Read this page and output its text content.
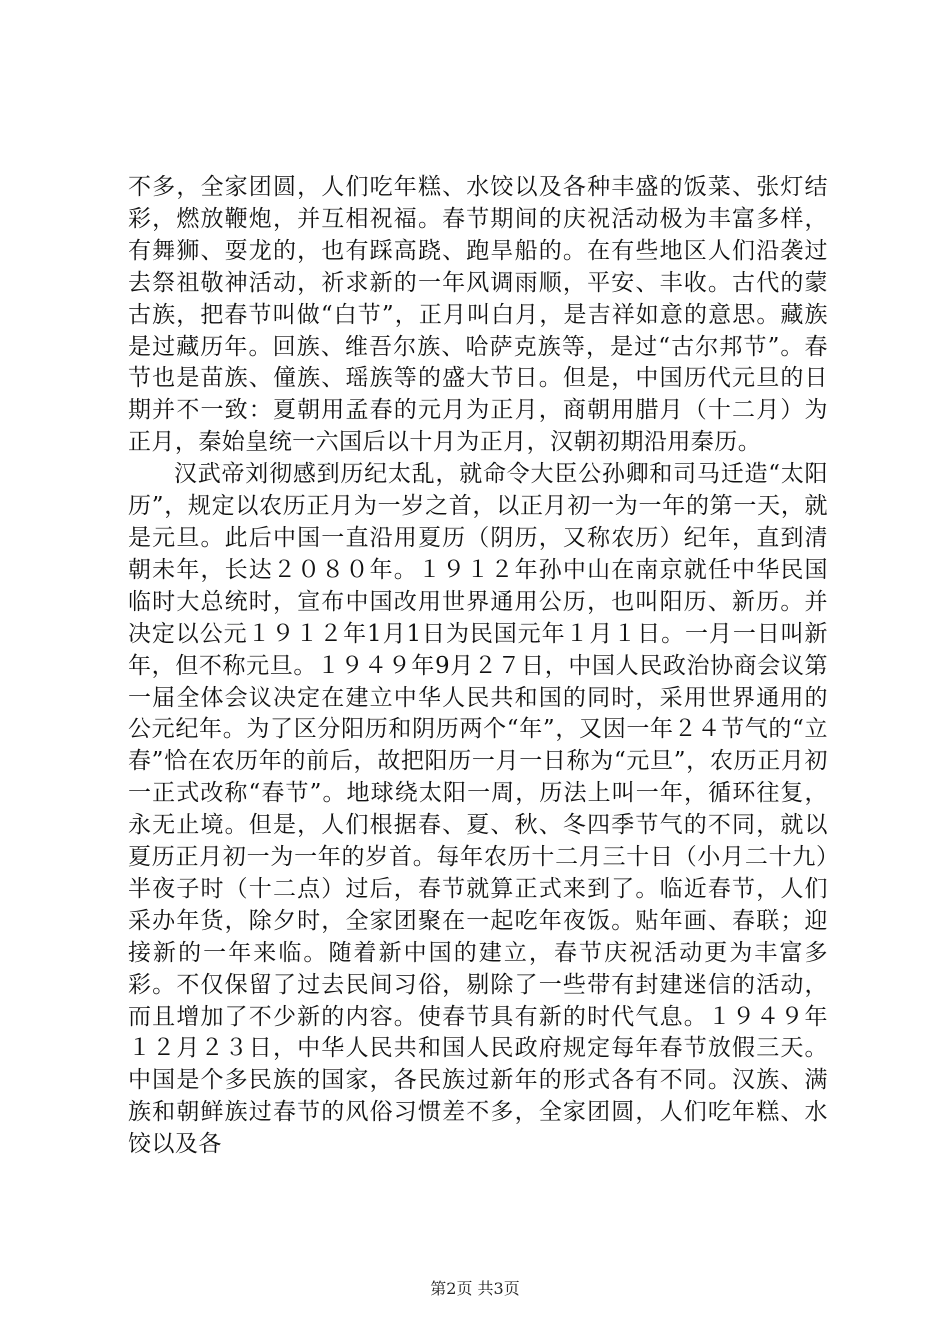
不多，全家团圆，人们吃年糕、水饺以及各种丰盛的饭菜、张灯结彩，燃放鞭炮，并互相祝福。春节期间的庆祝活动极为丰富多样，有舞狮、耍龙的，也有踩高跷、跑旱船的。在有些地区人们沿袭过去祭祖敬神活动，祈求新的一年风调雨顺，平安、丰收。古代的蒙古族，把春节叫做“白节”，正月叫白月，是吉祥如意的意思。藏族是过藏历年。回族、维吾尔族、哈萨克族等，是过“古尔邦节”。春节也是苗族、僮族、瑶族等的盛大节日。但是，中国历代元旦的日期并不一致：夏朝用孟春的元月为正月，商朝用腊月（十二月）为正月，秦始皇统一六国后以十月为正月，汉朝初期沿用秦历。

汉武帝刘彻感到历纪太乱，就命令大臣公孙卿和司马迁造“太阳历”，规定以农历正月为一岁之首，以正月初一为一年的第一天，就是元旦。此后中国一直沿用夏历（阴历，又称农历）纪年，直到清朝未年，长达２０８０年。１９１２年孙中山在南京就任中华民国临时大总统时，宣布中国改用世界通用公历，也叫阳历、新历。并决定以公元１９１２年1月1日为民国元年１月１日。一月一日叫新年，但不称元旦。１９４９年9月２７日，中国人民政治协商会议第一届全体会议决定在建立中华人民共和国的同时，采用世界通用的公元纪年。为了区分阳历和阴历两个“年”，又因一年２４节气的“立春”恰在农历年的前后，故把阳历一月一日称为“元旦”，农历正月初一正式改称“春节”。地球绕太阳一周，历法上叫一年，循环往复，永无止境。但是，人们根据春、夏、秋、冬四季节气的不同，就以夏历正月初一为一年的岁首。每年农历十二月三十日（小月二十九）半夜子时（十二点）过后，春节就算正式来到了。临近春节，人们采办年货，除夕时，全家团聚在一起吃年夜饭。贴年画、春联；迎接新的一年来临。随着新中国的建立，春节庆祝活动更为丰富多彩。不仅保留了过去民间习俗，剔除了一些带有封建迷信的活动，而且增加了不少新的内容。使春节具有新的时代气息。１９４９年１２月２３日，中华人民共和国人民政府规定每年春节放假三天。中国是个多民族的国家，各民族过新年的形式各有不同。汉族、满族和朝鲜族过春节的风俗习惯差不多，全家团圆，人们吃年糕、水饺以及各

第2页 共3页
